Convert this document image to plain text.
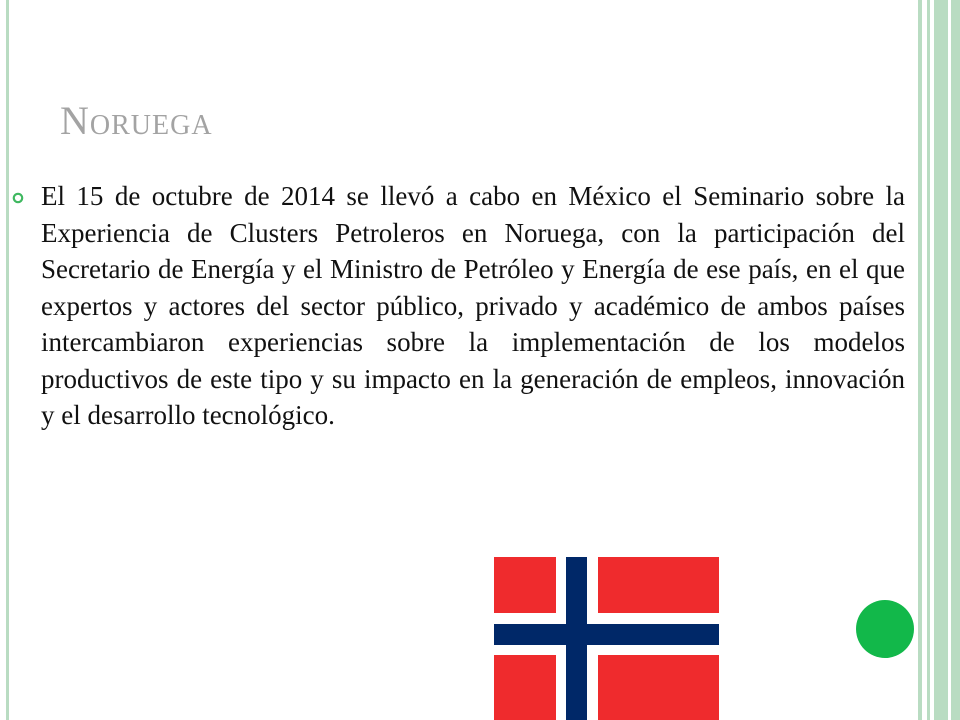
Noruega

El 15 de octubre de 2014 se llevó a cabo en México el Seminario sobre la Experiencia de Clusters Petroleros en Noruega, con la participación del Secretario de Energía y el Ministro de Petróleo y Energía de ese país, en el que expertos y actores del sector público, privado y académico de ambos países intercambiaron experiencias sobre la implementación de los modelos productivos de este tipo y su impacto en la generación de empleos, innovación y el desarrollo tecnológico.
